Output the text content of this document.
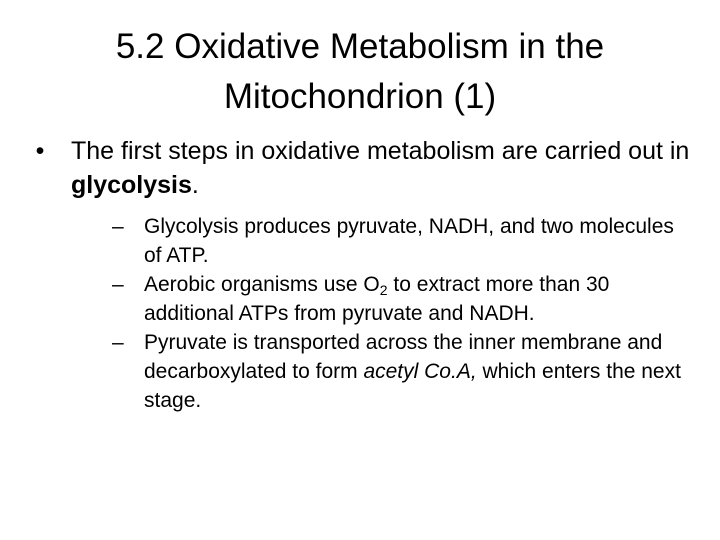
5.2 Oxidative Metabolism in the
Mitochondrion (1)
• The first steps in oxidative metabolism are carried out in glycolysis.
– Glycolysis produces pyruvate, NADH, and two molecules of ATP.
– Aerobic organisms use $O_2$ to extract more than 30 additional ATPs from pyruvate and NADH.
– Pyruvate is transported across the inner membrane and decarboxylated to form acetyl Co.A, which enters the next stage.
